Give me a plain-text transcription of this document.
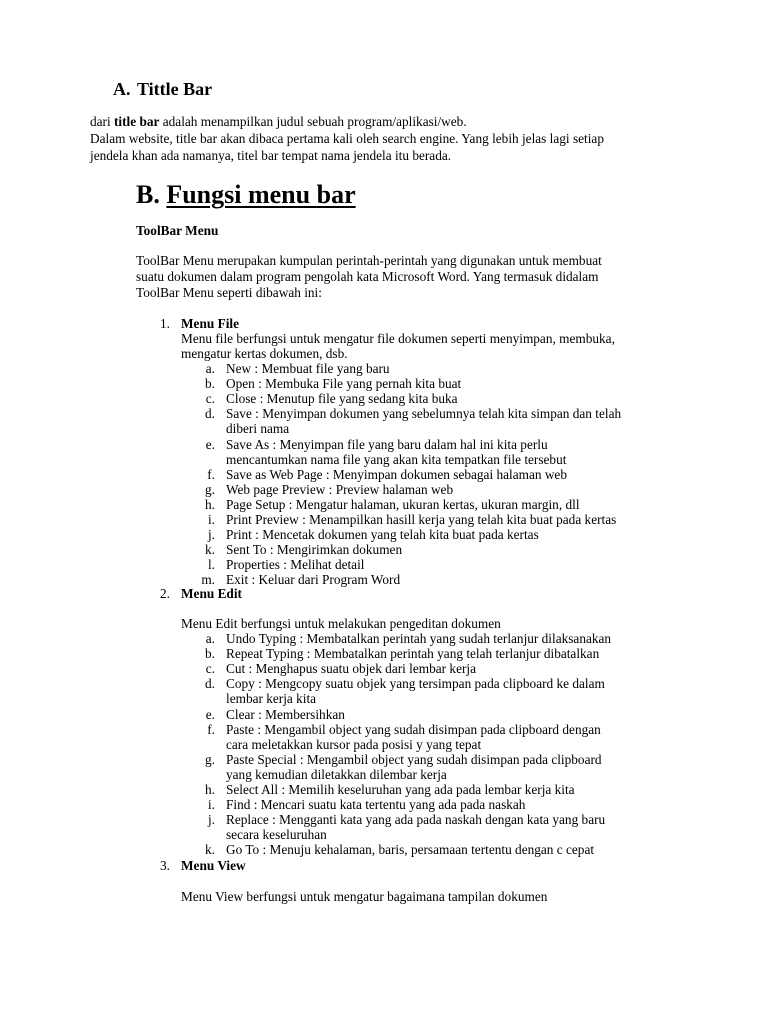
A. Tittle Bar
dari title bar adalah menampilkan judul sebuah program/aplikasi/web.
Dalam website, title bar akan dibaca pertama kali oleh search engine. Yang lebih jelas lagi setiap
jendela khan ada namanya, titel bar tempat nama jendela itu berada.
B. Fungsi menu bar
ToolBar Menu
ToolBar Menu merupakan kumpulan perintah-perintah yang digunakan untuk membuat
suatu dokumen dalam program pengolah kata Microsoft Word. Yang termasuk didalam
ToolBar Menu seperti dibawah ini:
1. Menu File
Menu file berfungsi untuk mengatur file dokumen seperti menyimpan, membuka,
mengatur kertas dokumen, dsb.
a. New : Membuat file yang baru
b. Open : Membuka File yang pernah kita buat
c. Close : Menutup file yang sedang kita buka
d. Save : Menyimpan dokumen yang sebelumnya telah kita simpan dan telah
diberi nama
e. Save As : Menyimpan file yang baru dalam hal ini kita perlu
mencantumkan nama file yang akan kita tempatkan file tersebut
f. Save as Web Page : Menyimpan dokumen sebagai halaman web
g. Web page Preview : Preview halaman web
h. Page Setup : Mengatur halaman, ukuran kertas, ukuran margin, dll
i. Print Preview : Menampilkan hasill kerja yang telah kita buat pada kertas
j. Print : Mencetak dokumen yang telah kita buat pada kertas
k. Sent To : Mengirimkan dokumen
l. Properties : Melihat detail
m. Exit : Keluar dari Program Word
2. Menu Edit
Menu Edit berfungsi untuk melakukan pengeditan dokumen
a. Undo Typing : Membatalkan perintah yang sudah terlanjur dilaksanakan
b. Repeat Typing : Membatalkan perintah yang telah terlanjur dibatalkan
c. Cut : Menghapus suatu objek dari lembar kerja
d. Copy : Mengcopy suatu objek yang tersimpan pada clipboard ke dalam
lembar kerja kita
e. Clear : Membersihkan
f. Paste : Mengambil object yang sudah disimpan pada clipboard dengan
cara meletakkan kursor pada posisi y yang tepat
g. Paste Special : Mengambil object yang sudah disimpan pada clipboard
yang kemudian diletakkan dilembar kerja
h. Select All : Memilih keseluruhan yang ada pada lembar kerja kita
i. Find : Mencari suatu kata tertentu yang ada pada naskah
j. Replace : Mengganti kata yang ada pada naskah dengan kata yang baru
secara keseluruhan
k. Go To : Menuju kehalaman, baris, persamaan tertentu dengan c cepat
3. Menu View
Menu View berfungsi untuk mengatur bagaimana tampilan dokumen
